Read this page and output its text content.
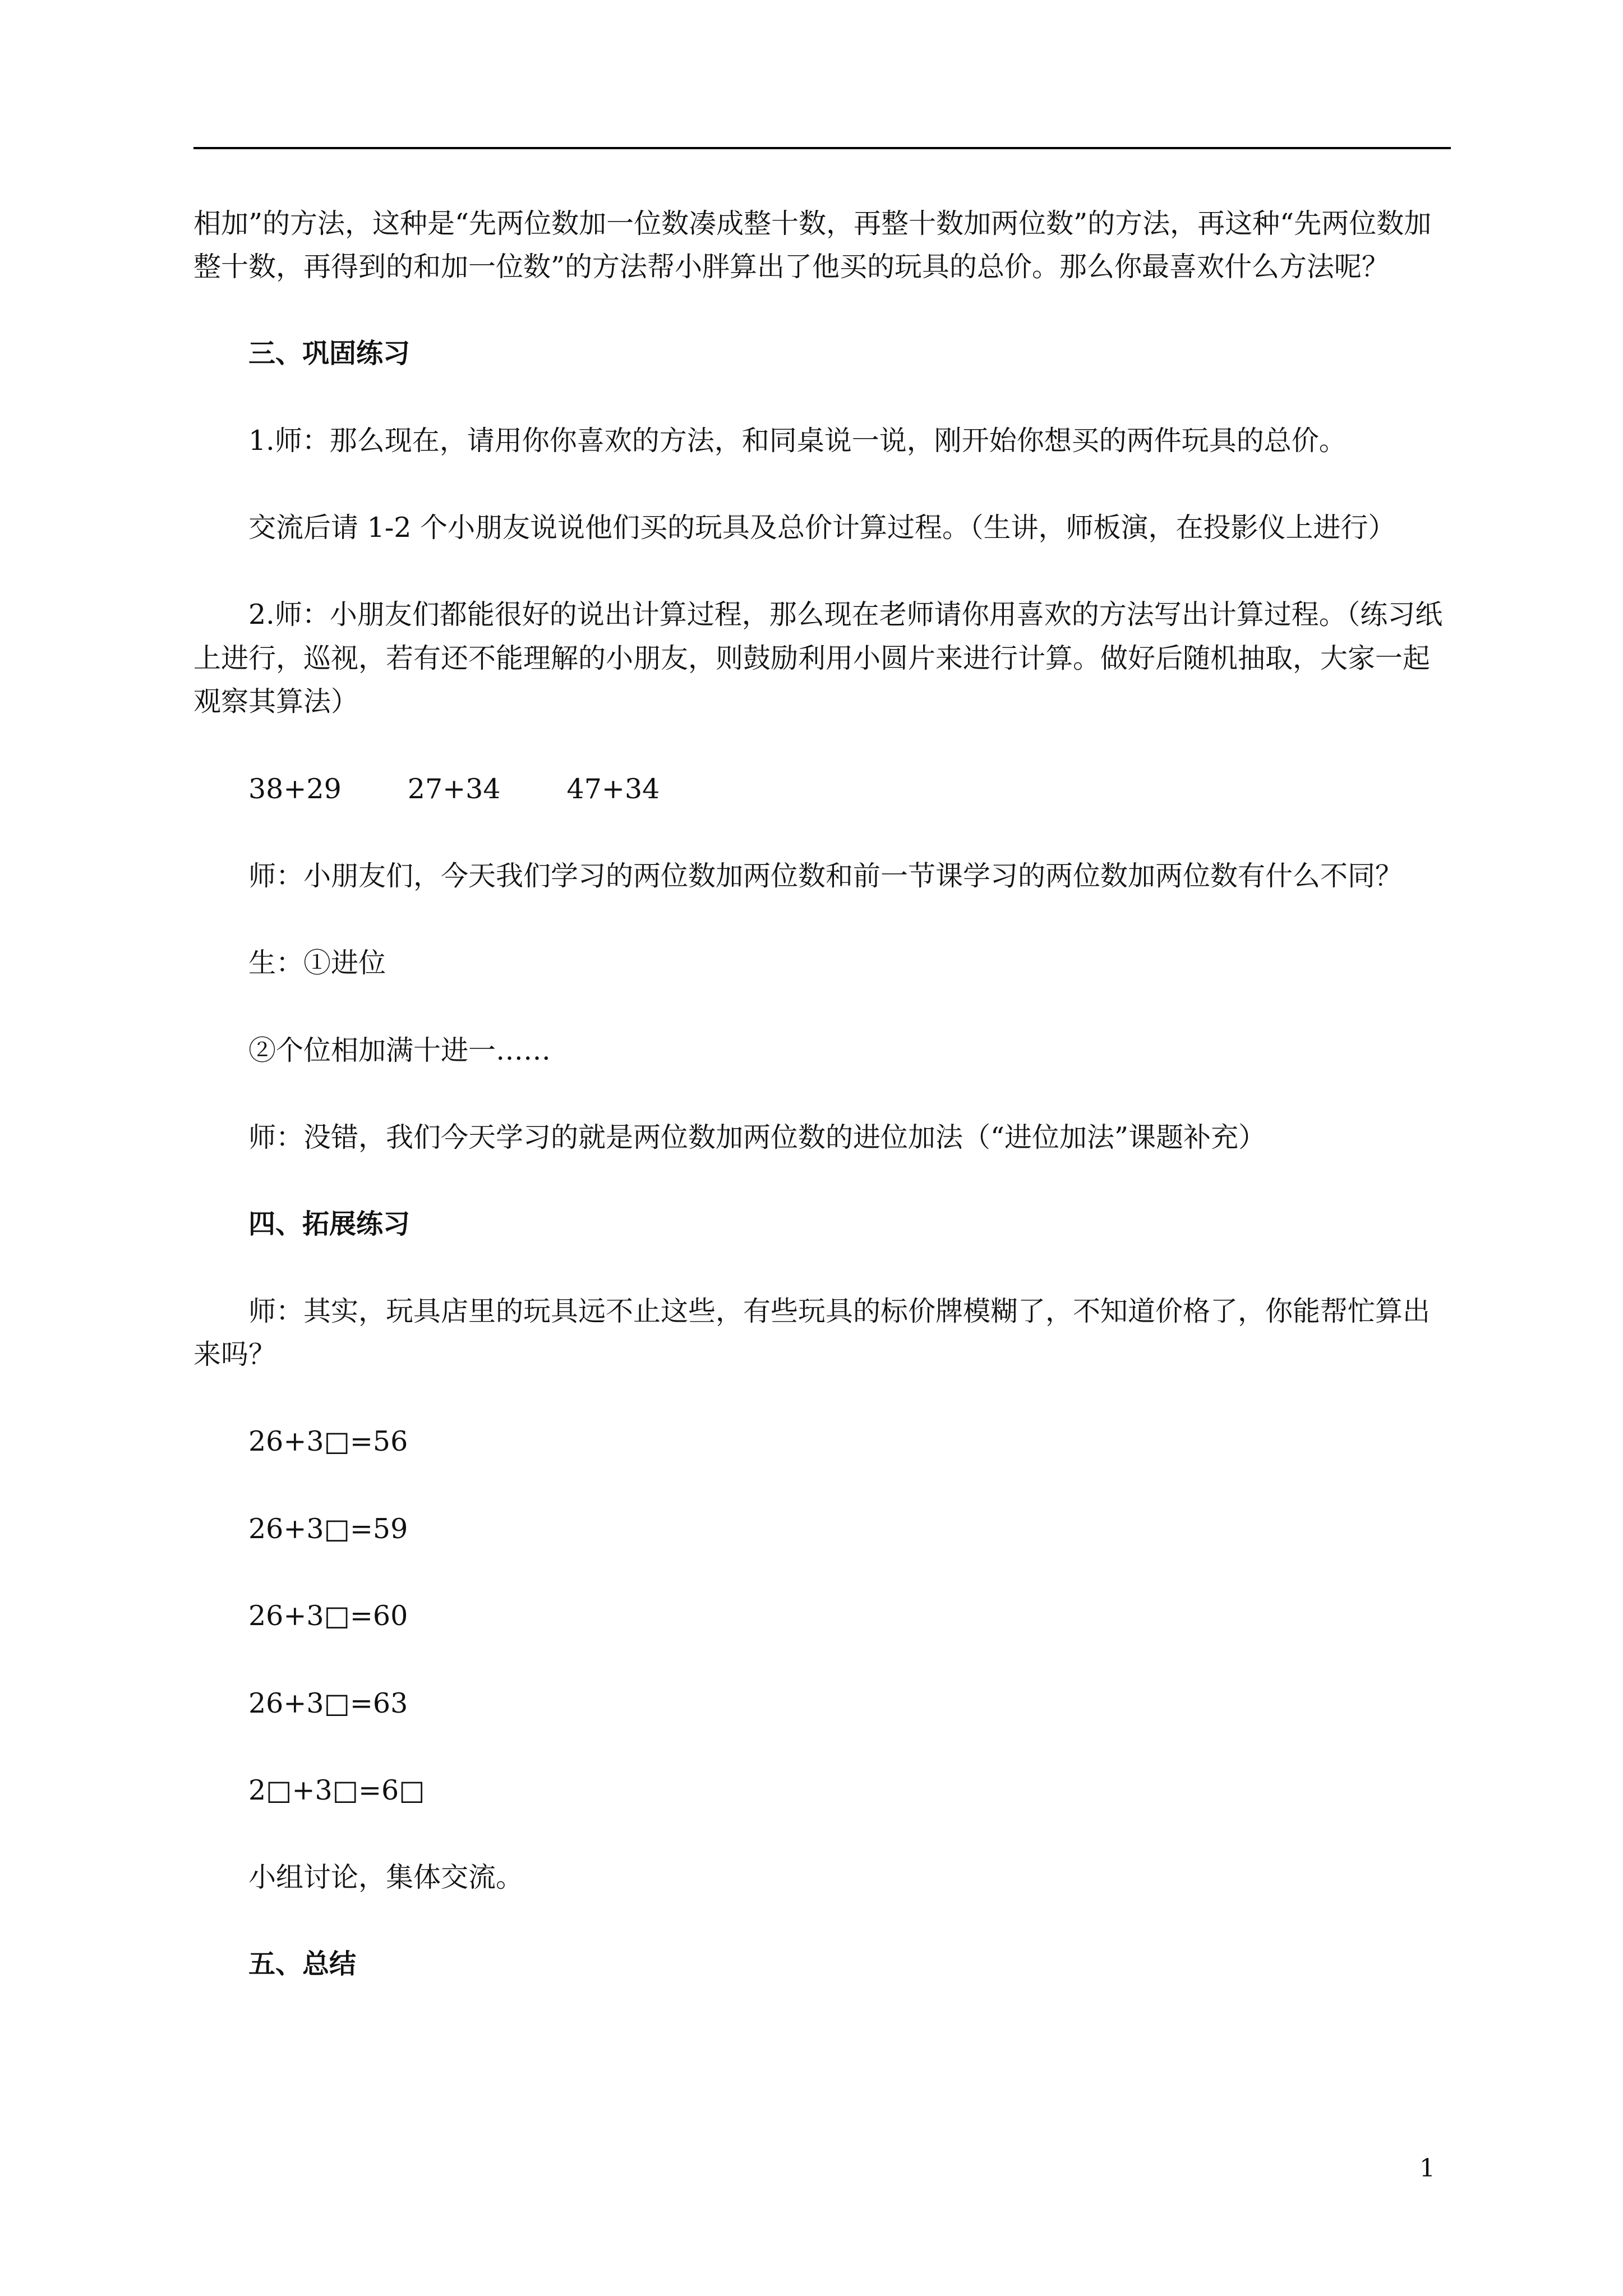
相加”的方法，这种是“先两位数加一位数凑成整十数，再整十数加两位数”的方法，再这种“先两位数加整十数，再得到的和加一位数”的方法帮小胖算出了他买的玩具的总价。那么你最喜欢什么方法呢？

三、巩固练习

1.师：那么现在，请用你你喜欢的方法，和同桌说一说，刚开始你想买的两件玩具的总价。

交流后请 1-2 个小朋友说说他们买的玩具及总价计算过程。（生讲，师板演，在投影仪上进行）

2.师：小朋友们都能很好的说出计算过程，那么现在老师请你用喜欢的方法写出计算过程。（练习纸上进行，巡视，若有还不能理解的小朋友，则鼓励利用小圆片来进行计算。做好后随机抽取，大家一起观察其算法）

38+29 27+34 47+34

师：小朋友们，今天我们学习的两位数加两位数和前一节课学习的两位数加两位数有什么不同？

生：①进位

②个位相加满十进一……

师：没错，我们今天学习的就是两位数加两位数的进位加法（“进位加法”课题补充）

四、拓展练习

师：其实，玩具店里的玩具远不止这些，有些玩具的标价牌模糊了，不知道价格了，你能帮忙算出来吗？

26+3□=56

26+3□=59

26+3□=60

26+3□=63

2□+3□=6□

小组讨论，集体交流。

五、总结

1
